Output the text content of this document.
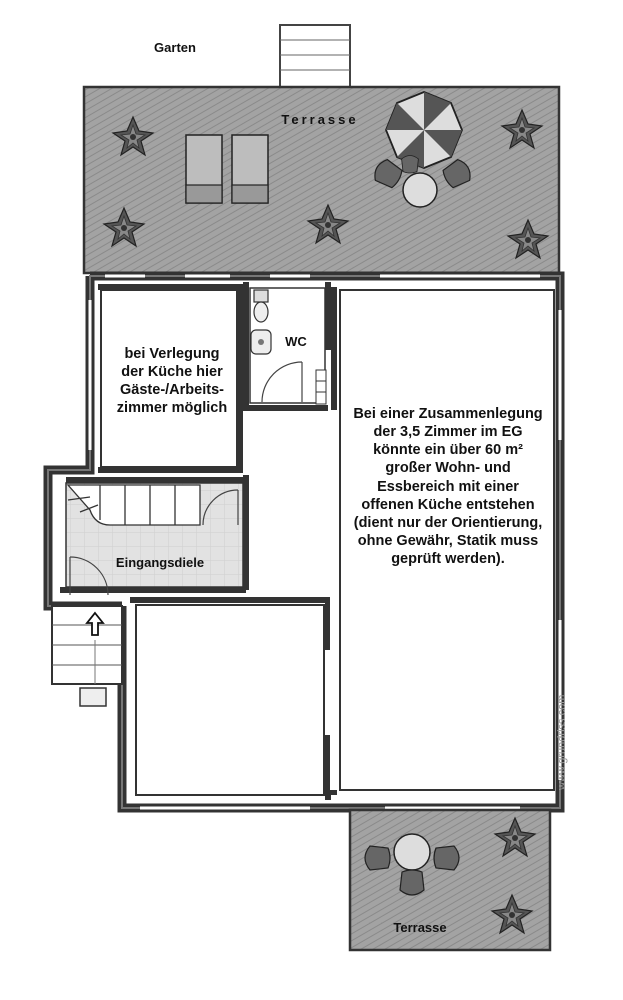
Garten
Terrasse
WC
bei Verlegung der Küche hier Gäste-/Arbeits-zimmer möglich
Eingangsdiele
Bei einer Zusammenlegung der 3,5 Zimmer im EG könnte ein über 60 m² großer Wohn- und Essbereich mit einer offenen Küche entstehen (dient nur der Orientierung, ohne Gewähr, Statik muss geprüft werden).
Terrasse
www.grundriss.com
